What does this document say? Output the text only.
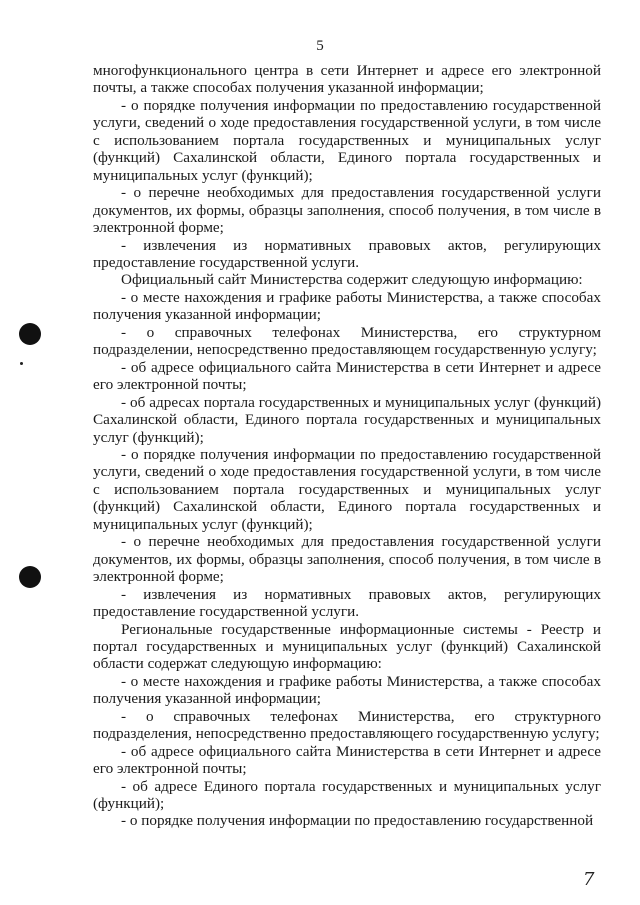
5

многофункционального центра в сети Интернет и адресе его электронной почты, а также способах получения указанной информации;

- о порядке получения информации по предоставлению государственной услуги, сведений о ходе предоставления государственной услуги, в том числе с использованием портала государственных и муниципальных услуг (функций) Сахалинской области, Единого портала государственных и муниципальных услуг (функций);

- о перечне необходимых для предоставления государственной услуги документов, их формы, образцы заполнения, способ получения, в том числе в электронной форме;

- извлечения из нормативных правовых актов, регулирующих предоставление государственной услуги.

Официальный сайт Министерства содержит следующую информацию:

- о месте нахождения и графике работы Министерства, а также способах получения указанной информации;

- о справочных телефонах Министерства, его структурном подразделении, непосредственно предоставляющем государственную услугу;

- об адресе официального сайта Министерства в сети Интернет и адресе его электронной почты;

- об адресах портала государственных и муниципальных услуг (функций) Сахалинской области, Единого портала государственных и муниципальных услуг (функций);

- о порядке получения информации по предоставлению государственной услуги, сведений о ходе предоставления государственной услуги, в том числе с использованием портала государственных и муниципальных услуг (функций) Сахалинской области, Единого портала государственных и муниципальных услуг (функций);

- о перечне необходимых для предоставления государственной услуги документов, их формы, образцы заполнения, способ получения, в том числе в электронной форме;

- извлечения из нормативных правовых актов, регулирующих предоставление государственной услуги.

Региональные государственные информационные системы - Реестр и портал государственных и муниципальных услуг (функций) Сахалинской области содержат следующую информацию:

- о месте нахождения и графике работы Министерства, а также способах получения указанной информации;

- о справочных телефонах Министерства, его структурного подразделения, непосредственно предоставляющего государственную услугу;

- об адресе официального сайта Министерства в сети Интернет и адресе его электронной почты;

- об адресе Единого портала государственных и муниципальных услуг (функций);

- о порядке получения информации по предоставлению государственной

7
